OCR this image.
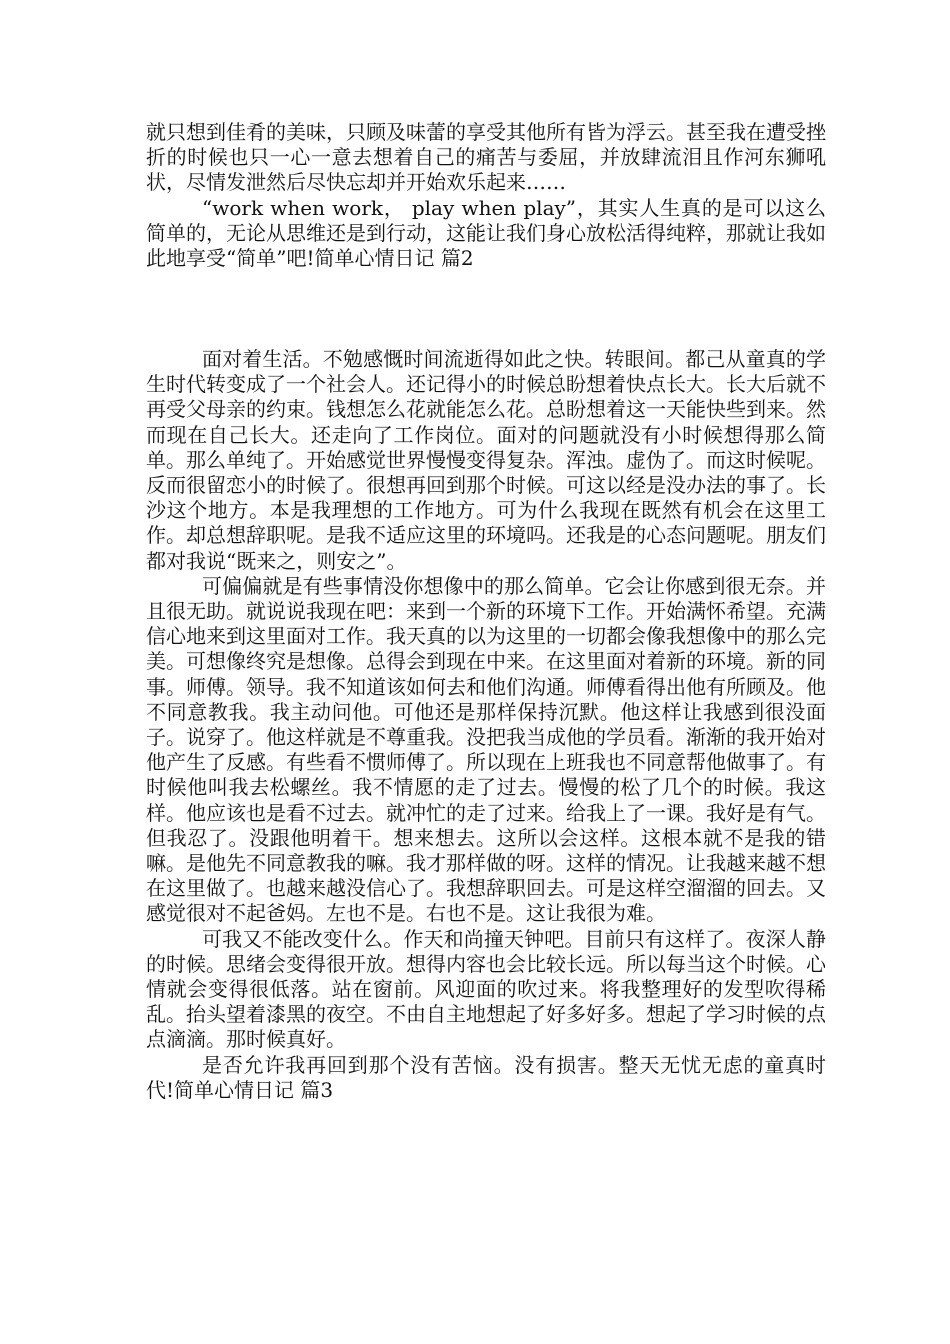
就只想到佳肴的美味，只顾及味蕾的享受其他所有皆为浮云。甚至我在遭受挫折的时候也只一心一意去想着自己的痛苦与委屈，并放肆流泪且作河东狮吼状，尽情发泄然后尽快忘却并开始欢乐起来……

“work when work， play when play”，其实人生真的是可以这么简单的，无论从思维还是到行动，这能让我们身心放松活得纯粹，那就让我如此地享受“简单”吧!简单心情日记 篇2

面对着生活。不勉感慨时间流逝得如此之快。转眼间。都己从童真的学生时代转变成了一个社会人。还记得小的时候总盼想着快点长大。长大后就不再受父母亲的约束。钱想怎么花就能怎么花。总盼想着这一天能快些到来。然而现在自己长大。还走向了工作岗位。面对的问题就没有小时候想得那么简单。那么单纯了。开始感觉世界慢慢变得复杂。浑浊。虚伪了。而这时候呢。反而很留恋小的时候了。很想再回到那个时候。可这以经是没办法的事了。长沙这个地方。本是我理想的工作地方。可为什么我现在既然有机会在这里工作。却总想辞职呢。是我不适应这里的环境吗。还我是的心态问题呢。朋友们都对我说“既来之，则安之”。

可偏偏就是有些事情没你想像中的那么简单。它会让你感到很无奈。并且很无助。就说说我现在吧：来到一个新的环境下工作。开始满怀希望。充满信心地来到这里面对工作。我天真的以为这里的一切都会像我想像中的那么完美。可想像终究是想像。总得会到现在中来。在这里面对着新的环境。新的同事。师傅。领导。我不知道该如何去和他们沟通。师傅看得出他有所顾及。他不同意教我。我主动问他。可他还是那样保持沉默。他这样让我感到很没面子。说穿了。他这样就是不尊重我。没把我当成他的学员看。渐渐的我开始对他产生了反感。有些看不惯师傅了。所以现在上班我也不同意帮他做事了。有时候他叫我去松螺丝。我不情愿的走了过去。慢慢的松了几个的时候。我这样。他应该也是看不过去。就冲忙的走了过来。给我上了一课。我好是有气。但我忍了。没跟他明着干。想来想去。这所以会这样。这根本就不是我的错嘛。是他先不同意教我的嘛。我才那样做的呀。这样的情况。让我越来越不想在这里做了。也越来越没信心了。我想辞职回去。可是这样空溜溜的回去。又感觉很对不起爸妈。左也不是。右也不是。这让我很为难。

可我又不能改变什么。作天和尚撞天钟吧。目前只有这样了。夜深人静的时候。思绪会变得很开放。想得内容也会比较长远。所以每当这个时候。心情就会变得很低落。站在窗前。风迎面的吹过来。将我整理好的发型吹得稀乱。抬头望着漆黑的夜空。不由自主地想起了好多好多。想起了学习时候的点点滴滴。那时候真好。

是否允许我再回到那个没有苦恼。没有损害。整天无忧无虑的童真时代!简单心情日记 篇3
